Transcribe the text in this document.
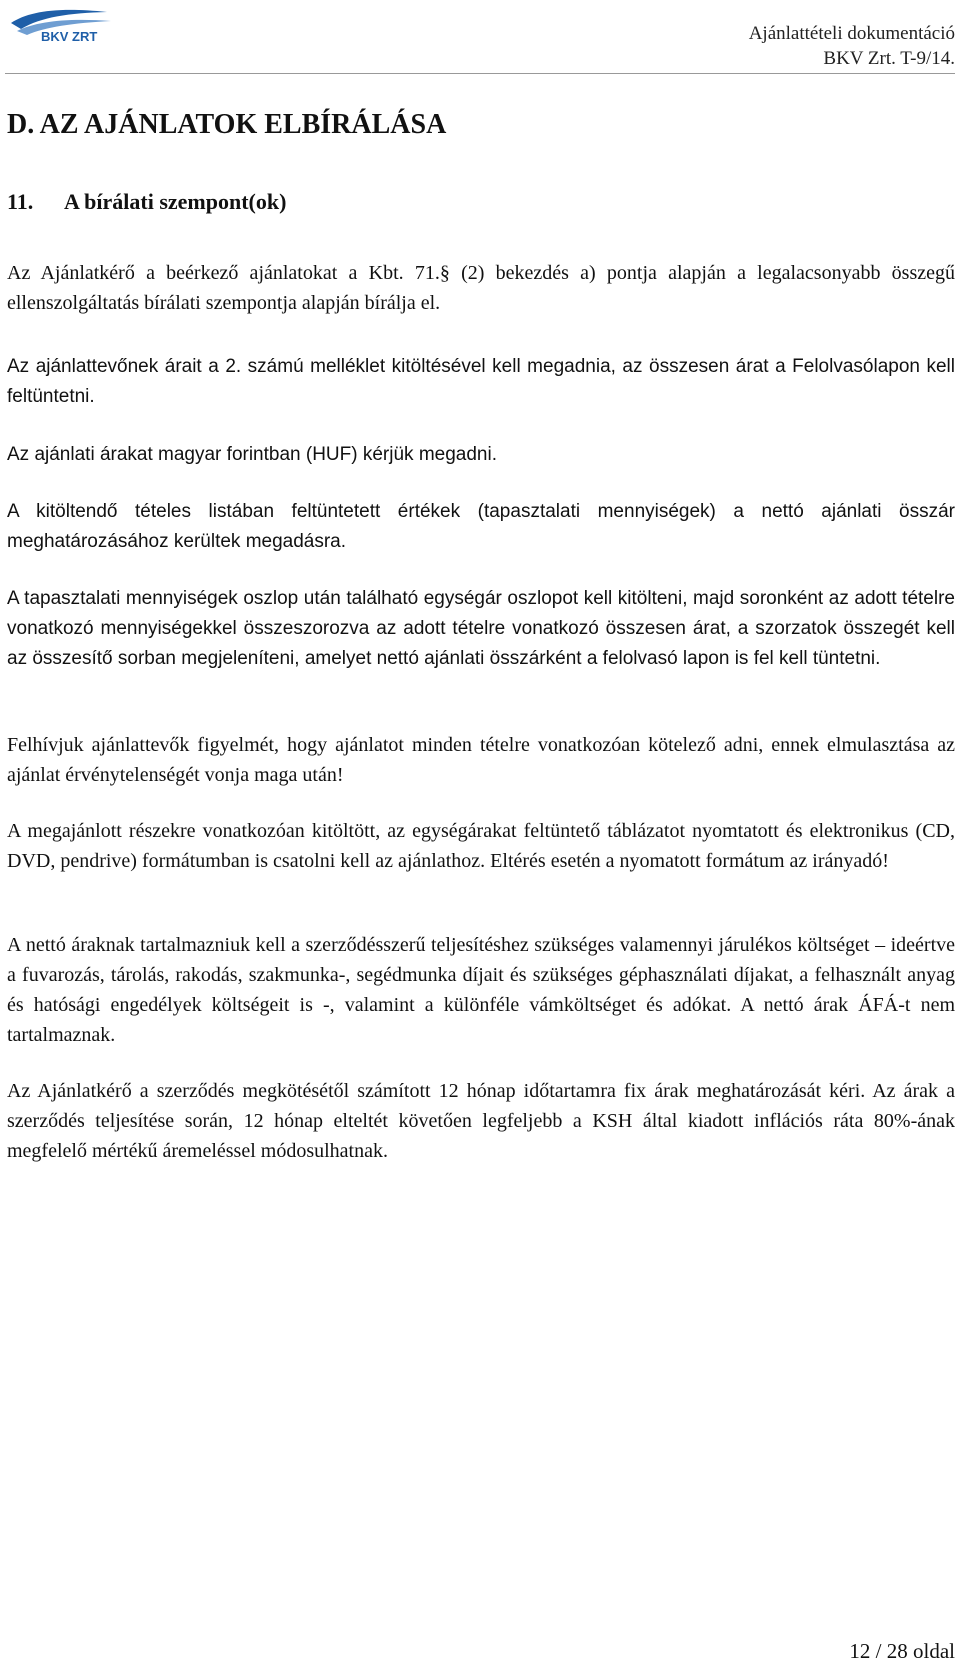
BKV ZRT	Ajánlattételi dokumentáció
BKV Zrt. T-9/14.
D. AZ AJÁNLATOK ELBÍRÁLÁSA
11. A bírálati szempont(ok)

Az Ajánlatkérő a beérkező ajánlatokat a Kbt. 71.§ (2) bekezdés a) pontja alapján a legalacsonyabb összegű ellenszolgáltatás bírálati szempontja alapján bírálja el.

Az ajánlattevőnek árait a 2. számú melléklet kitöltésével kell megadnia, az összesen árat a Felolvasólapon kell feltüntetni.

Az ajánlati árakat magyar forintban (HUF) kérjük megadni.

A kitöltendő tételes listában feltüntetett értékek (tapasztalati mennyiségek) a nettó ajánlati összár meghatározásához kerültek megadásra.

A tapasztalati mennyiségek oszlop után található egységár oszlopot kell kitölteni, majd soronként az adott tételre vonatkozó mennyiségekkel összeszorozva az adott tételre vonatkozó összesen árat, a szorzatok összegét kell az összesítő sorban megjeleníteni, amelyet nettó ajánlati összárként a felolvasó lapon is fel kell tüntetni.

Felhívjuk ajánlattevők figyelmét, hogy ajánlatot minden tételre vonatkozóan kötelező adni, ennek elmulasztása az ajánlat érvénytelenségét vonja maga után!

A megajánlott részekre vonatkozóan kitöltött, az egységárakat feltüntető táblázatot nyomtatott és elektronikus (CD, DVD, pendrive) formátumban is csatolni kell az ajánlathoz. Eltérés esetén a nyomatott formátum az irányadó!

A nettó áraknak tartalmazniuk kell a szerződésszerű teljesítéshez szükséges valamennyi járulékos költséget – ideértve a fuvarozás, tárolás, rakodás, szakmunka-, segédmunka díjait és szükséges géphasználati díjakat, a felhasznált anyag és hatósági engedélyek költségeit is -, valamint a különféle vámköltséget és adókat. A nettó árak ÁFÁ-t nem tartalmaznak.

Az Ajánlatkérő a szerződés megkötésétől számított 12 hónap időtartamra fix árak meghatározását kéri. Az árak a szerződés teljesítése során, 12 hónap elteltét követően legfeljebb a KSH által kiadott inflációs ráta 80%-ának megfelelő mértékű áremeléssel módosulhatnak.

12 / 28 oldal
